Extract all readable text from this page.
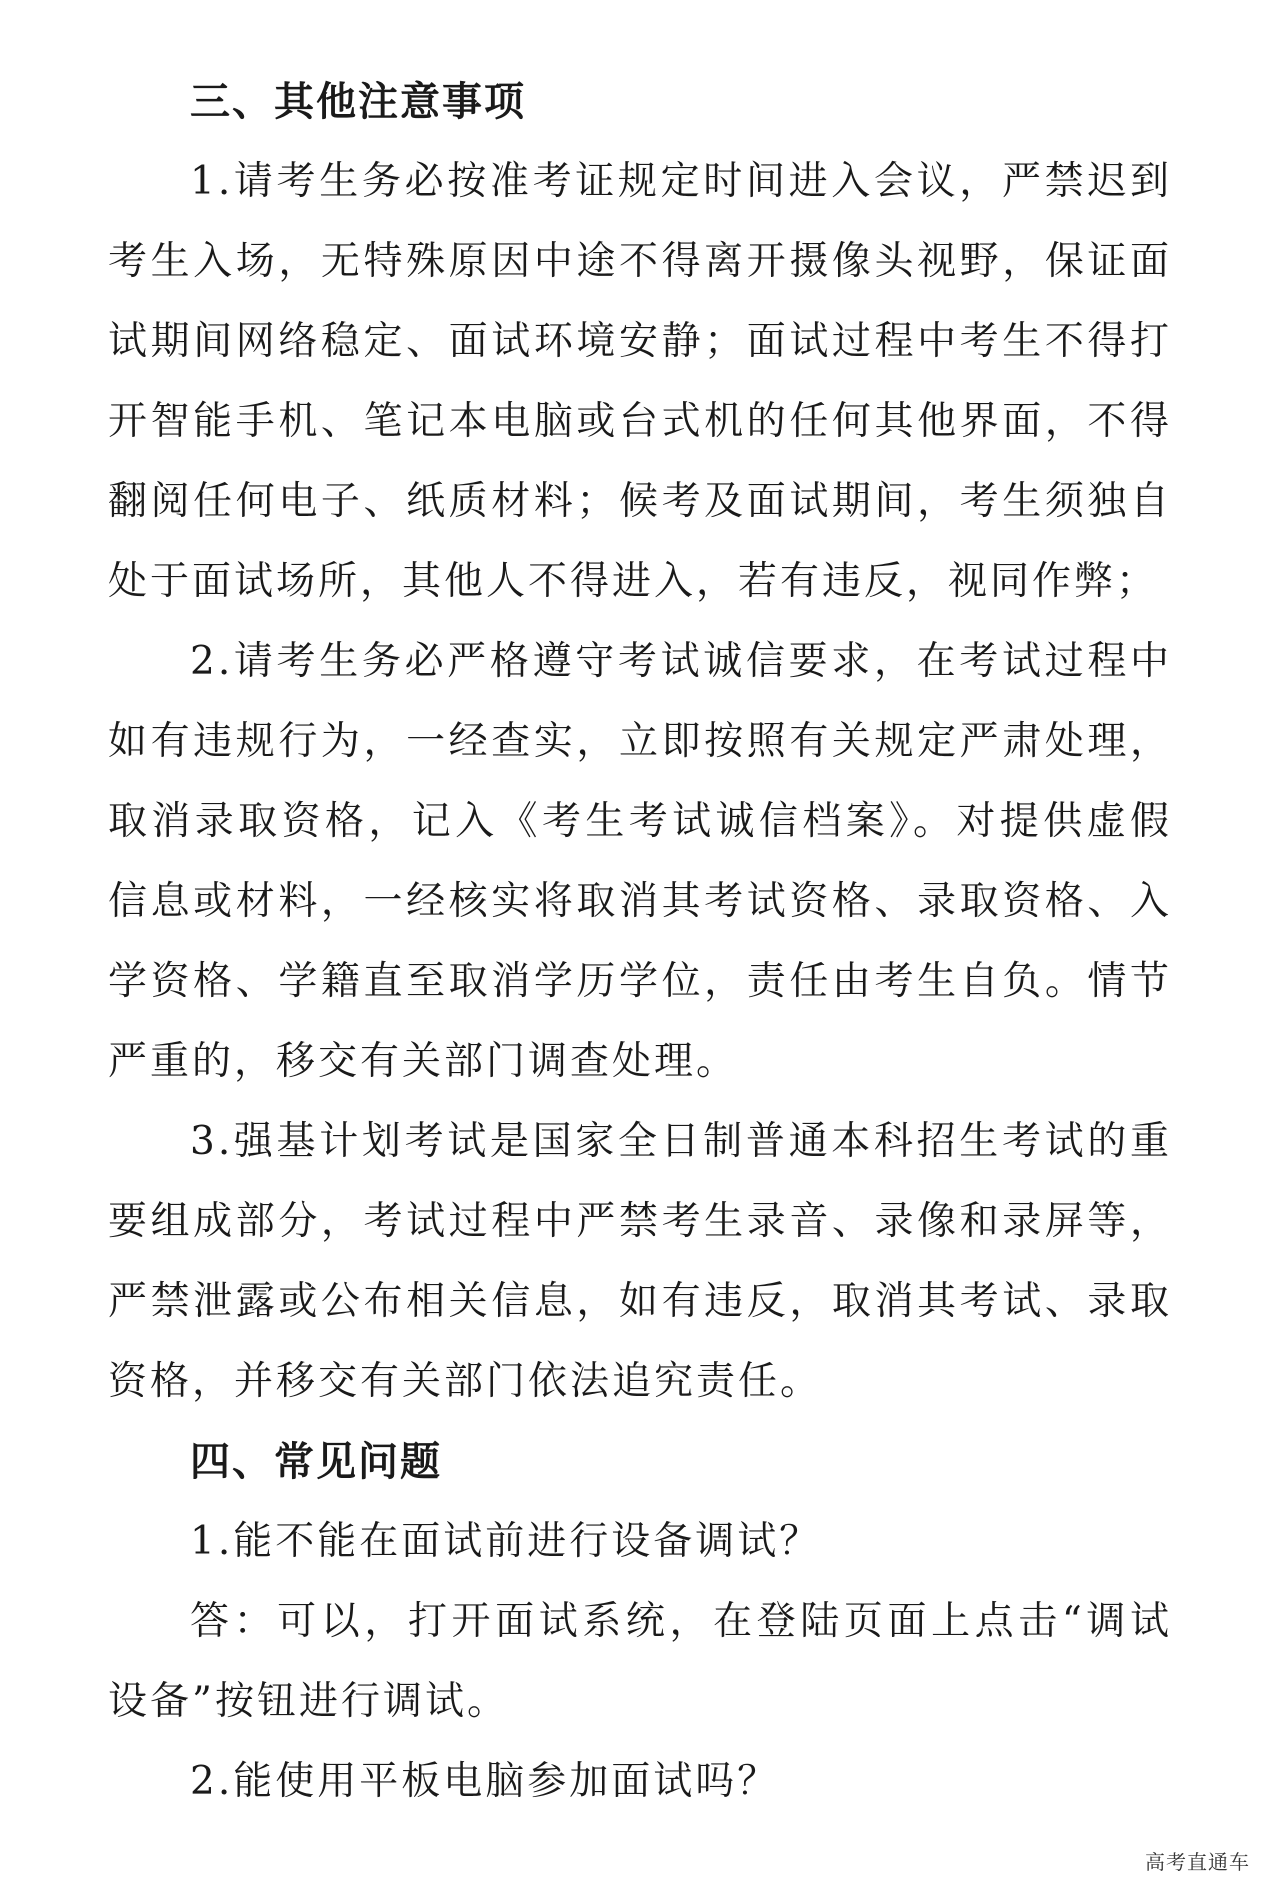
三、其他注意事项

1.请考生务必按准考证规定时间进入会议，严禁迟到考生入场，无特殊原因中途不得离开摄像头视野，保证面试期间网络稳定、面试环境安静；面试过程中考生不得打开智能手机、笔记本电脑或台式机的任何其他界面，不得翻阅任何电子、纸质材料；候考及面试期间，考生须独自处于面试场所，其他人不得进入，若有违反，视同作弊；

2.请考生务必严格遵守考试诚信要求，在考试过程中如有违规行为，一经查实，立即按照有关规定严肃处理，取消录取资格，记入《考生考试诚信档案》。对提供虚假信息或材料，一经核实将取消其考试资格、录取资格、入学资格、学籍直至取消学历学位，责任由考生自负。情节严重的，移交有关部门调查处理。

3.强基计划考试是国家全日制普通本科招生考试的重要组成部分，考试过程中严禁考生录音、录像和录屏等，严禁泄露或公布相关信息，如有违反，取消其考试、录取资格，并移交有关部门依法追究责任。

四、常见问题

1.能不能在面试前进行设备调试？

答：可以，打开面试系统，在登陆页面上点击“调试设备”按钮进行调试。

2.能使用平板电脑参加面试吗？

高考直通车
